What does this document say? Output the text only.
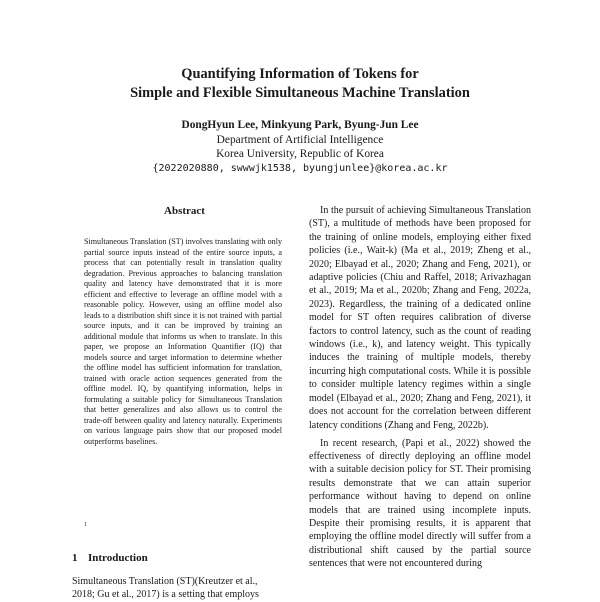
Quantifying Information of Tokens for
Simple and Flexible Simultaneous Machine Translation
DongHyun Lee, Minkyung Park, Byung-Jun Lee
Department of Artificial Intelligence
Korea University, Republic of Korea
{2022020880, swwwjk1538, byungjunlee}@korea.ac.kr
Abstract
Simultaneous Translation (ST) involves translating with only partial source inputs instead of the entire source inputs, a process that can potentially result in translation quality degradation. Previous approaches to balancing translation quality and latency have demonstrated that it is more efficient and effective to leverage an offline model with a reasonable policy. However, using an offline model also leads to a distribution shift since it is not trained with partial source inputs, and it can be improved by training an additional module that informs us when to translate. In this paper, we propose an Information Quantifier (IQ) that models source and target information to determine whether the offline model has sufficient information for translation, trained with oracle action sequences generated from the offline model. IQ, by quantifying information, helps in formulating a suitable policy for Simultaneous Translation that better generalizes and also allows us to control the trade-off between quality and latency naturally. Experiments on various language pairs show that our proposed model outperforms baselines.
1
1 Introduction
Simultaneous Translation (ST)(Kreutzer et al.,
2018; Gu et al., 2017) is a setting that employs

In the pursuit of achieving Simultaneous Translation (ST), a multitude of methods have been proposed for the training of online models, employing either fixed policies (i.e., Wait-k) (Ma et al., 2019; Zheng et al., 2020; Elbayad et al., 2020; Zhang and Feng, 2021), or adaptive policies (Chiu and Raffel, 2018; Arivazhagan et al., 2019; Ma et al., 2020b; Zhang and Feng, 2022a, 2023). Regardless, the training of a dedicated online model for ST often requires calibration of diverse factors to control latency, such as the count of reading windows (i.e., k), and latency weight. This typically induces the training of multiple models, thereby incurring high computational costs. While it is possible to consider multiple latency regimes within a single model (Elbayad et al., 2020; Zhang and Feng, 2021), it does not account for the correlation between different latency conditions (Zhang and Feng, 2022b).

In recent research, (Papi et al., 2022) showed the effectiveness of directly deploying an offline model with a suitable decision policy for ST. Their promising results demonstrate that we can attain superior performance without having to depend on online models that are trained using incomplete inputs. Despite their promising results, it is apparent that employing the offline model directly will suffer from a distributional shift caused by the partial source sentences that were not encountered during
